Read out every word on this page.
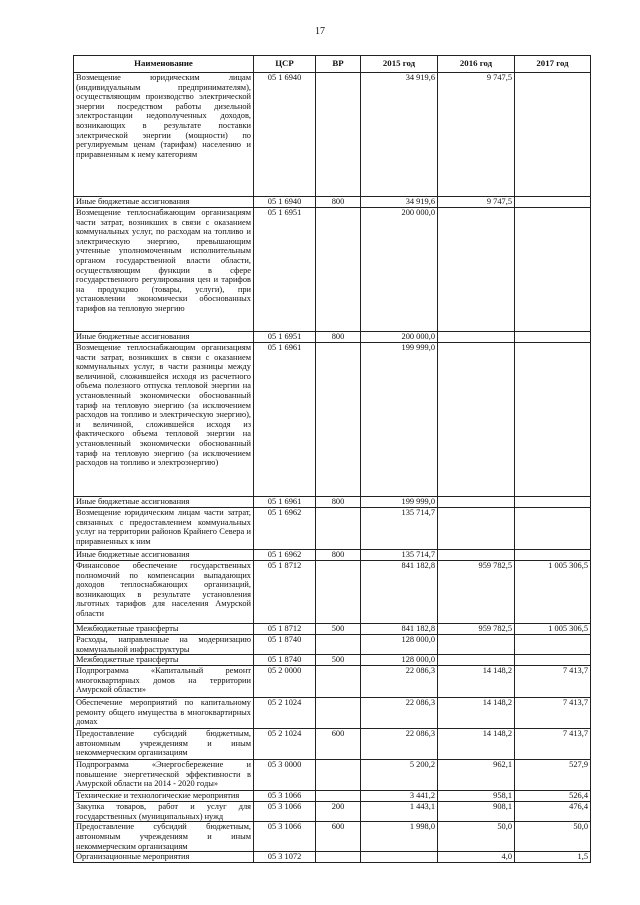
17
Наименование	ЦСР	ВР	2015 год	2016 год	2017 год
Возмещение юридическим лицам (индивидуальным предпринимателям), осуществляющим производство электрической энергии посредством работы дизельной электростанции недополученных доходов, возникающих в результате поставки электрической энергии (мощности) по регулируемым ценам (тарифам) населению и приравненным к нему категориям	05 1 6940		34 919,6	9 747,5	
Иные бюджетные ассигнования	05 1 6940	800	34 919,6	9 747,5	
Возмещение теплоснабжающим организациям части затрат, возникших в связи с оказанием коммунальных услуг, по расходам на топливо и электрическую энергию, превышающим учтенные уполномоченным исполнительным органом государственной власти области, осуществляющим функции в сфере государственного регулирования цен и тарифов на продукцию (товары, услуги), при установлении экономически обоснованных тарифов на тепловую энергию	05 1 6951		200 000,0		
Иные бюджетные ассигнования	05 1 6951	800	200 000,0		
Возмещение теплоснабжающим организациям части затрат, возникших в связи с оказанием коммунальных услуг, в части разницы между величиной, сложившейся исходя из расчетного объема полезного отпуска тепловой энергии на установленный экономически обоснованный тариф на тепловую энергию (за исключением расходов на топливо и электрическую энергию), и величиной, сложившейся исходя из фактического объема тепловой энергии на установленный экономически обоснованный тариф на тепловую энергию (за исключением расходов на топливо и электроэнергию)	05 1 6961		199 999,0		
Иные бюджетные ассигнования	05 1 6961	800	199 999,0		
Возмещение юридическим лицам части затрат, связанных с предоставлением коммунальных услуг на территории районов Крайнего Севера и приравненных к ним	05 1 6962		135 714,7		
Иные бюджетные ассигнования	05 1 6962	800	135 714,7		
Финансовое обеспечение государственных полномочий по компенсации выпадающих доходов теплоснабжающих организаций, возникающих в результате установления льготных тарифов для населения Амурской области	05 1 8712		841 182,8	959 782,5	1 005 306,5
Межбюджетные трансферты	05 1 8712	500	841 182,8	959 782,5	1 005 306,5
Расходы, направленные на модернизацию коммунальной инфраструктуры	05 1 8740		128 000,0		
Межбюджетные трансферты	05 1 8740	500	128 000,0		
Подпрограмма «Капитальный ремонт многоквартирных домов на территории Амурской области»	05 2 0000		22 086,3	14 148,2	7 413,7
Обеспечение мероприятий по капитальному ремонту общего имущества в многоквартирных домах	05 2 1024		22 086,3	14 148,2	7 413,7
Предоставление субсидий бюджетным, автономным учреждениям и иным некоммерческим организациям	05 2 1024	600	22 086,3	14 148,2	7 413,7
Подпрограмма «Энергосбережение и повышение энергетической эффективности в Амурской области на 2014 - 2020 годы»	05 3 0000		5 200,2	962,1	527,9
Технические и технологические мероприятия	05 3 1066		3 441,2	958,1	526,4
Закупка товаров, работ и услуг для государственных (муниципальных) нужд	05 3 1066	200	1 443,1	908,1	476,4
Предоставление субсидий бюджетным, автономным учреждениям и иным некоммерческим организациям	05 3 1066	600	1 998,0	50,0	50,0
Организационные мероприятия	05 3 1072			4,0	1,5
